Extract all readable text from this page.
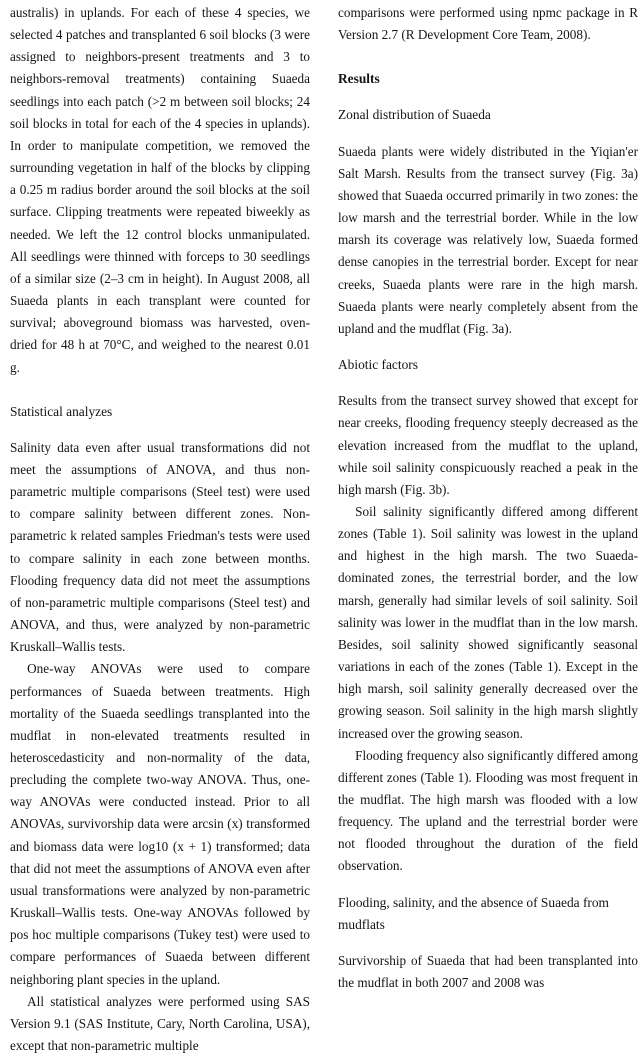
australis) in uplands. For each of these 4 species, we selected 4 patches and transplanted 6 soil blocks (3 were assigned to neighbors-present treatments and 3 to neighbors-removal treatments) containing Suaeda seedlings into each patch (>2 m between soil blocks; 24 soil blocks in total for each of the 4 species in uplands). In order to manipulate competition, we removed the surrounding vegetation in half of the blocks by clipping a 0.25 m radius border around the soil blocks at the soil surface. Clipping treatments were repeated biweekly as needed. We left the 12 control blocks unmanipulated. All seedlings were thinned with forceps to 30 seedlings of a similar size (2–3 cm in height). In August 2008, all Suaeda plants in each transplant were counted for survival; aboveground biomass was harvested, oven-dried for 48 h at 70°C, and weighed to the nearest 0.01 g.

Statistical analyzes

Salinity data even after usual transformations did not meet the assumptions of ANOVA, and thus non-parametric multiple comparisons (Steel test) were used to compare salinity between different zones. Non-parametric k related samples Friedman's tests were used to compare salinity in each zone between months. Flooding frequency data did not meet the assumptions of non-parametric multiple comparisons (Steel test) and ANOVA, and thus, were analyzed by non-parametric Kruskall–Wallis tests.

One-way ANOVAs were used to compare performances of Suaeda between treatments. High mortality of the Suaeda seedlings transplanted into the mudflat in non-elevated treatments resulted in heteroscedasticity and non-normality of the data, precluding the complete two-way ANOVA. Thus, one-way ANOVAs were conducted instead. Prior to all ANOVAs, survivorship data were arcsin (x) transformed and biomass data were log10 (x + 1) transformed; data that did not meet the assumptions of ANOVA even after usual transformations were analyzed by non-parametric Kruskall–Wallis tests. One-way ANOVAs followed by pos hoc multiple comparisons (Tukey test) were used to compare performances of Suaeda between different neighboring plant species in the upland.

All statistical analyzes were performed using SAS Version 9.1 (SAS Institute, Cary, North Carolina, USA), except that non-parametric multiple

comparisons were performed using npmc package in R Version 2.7 (R Development Core Team, 2008).

Results
Zonal distribution of Suaeda

Suaeda plants were widely distributed in the Yiqian'er Salt Marsh. Results from the transect survey (Fig. 3a) showed that Suaeda occurred primarily in two zones: the low marsh and the terrestrial border. While in the low marsh its coverage was relatively low, Suaeda formed dense canopies in the terrestrial border. Except for near creeks, Suaeda plants were rare in the high marsh. Suaeda plants were nearly completely absent from the upland and the mudflat (Fig. 3a).

Abiotic factors

Results from the transect survey showed that except for near creeks, flooding frequency steeply decreased as the elevation increased from the mudflat to the upland, while soil salinity conspicuously reached a peak in the high marsh (Fig. 3b).

Soil salinity significantly differed among different zones (Table 1). Soil salinity was lowest in the upland and highest in the high marsh. The two Suaeda-dominated zones, the terrestrial border, and the low marsh, generally had similar levels of soil salinity. Soil salinity was lower in the mudflat than in the low marsh. Besides, soil salinity showed significantly seasonal variations in each of the zones (Table 1). Except in the high marsh, soil salinity generally decreased over the growing season. Soil salinity in the high marsh slightly increased over the growing season.

Flooding frequency also significantly differed among different zones (Table 1). Flooding was most frequent in the mudflat. The high marsh was flooded with a low frequency. The upland and the terrestrial border were not flooded throughout the duration of the field observation.

Flooding, salinity, and the absence of Suaeda from mudflats

Survivorship of Suaeda that had been transplanted into the mudflat in both 2007 and 2008 was
